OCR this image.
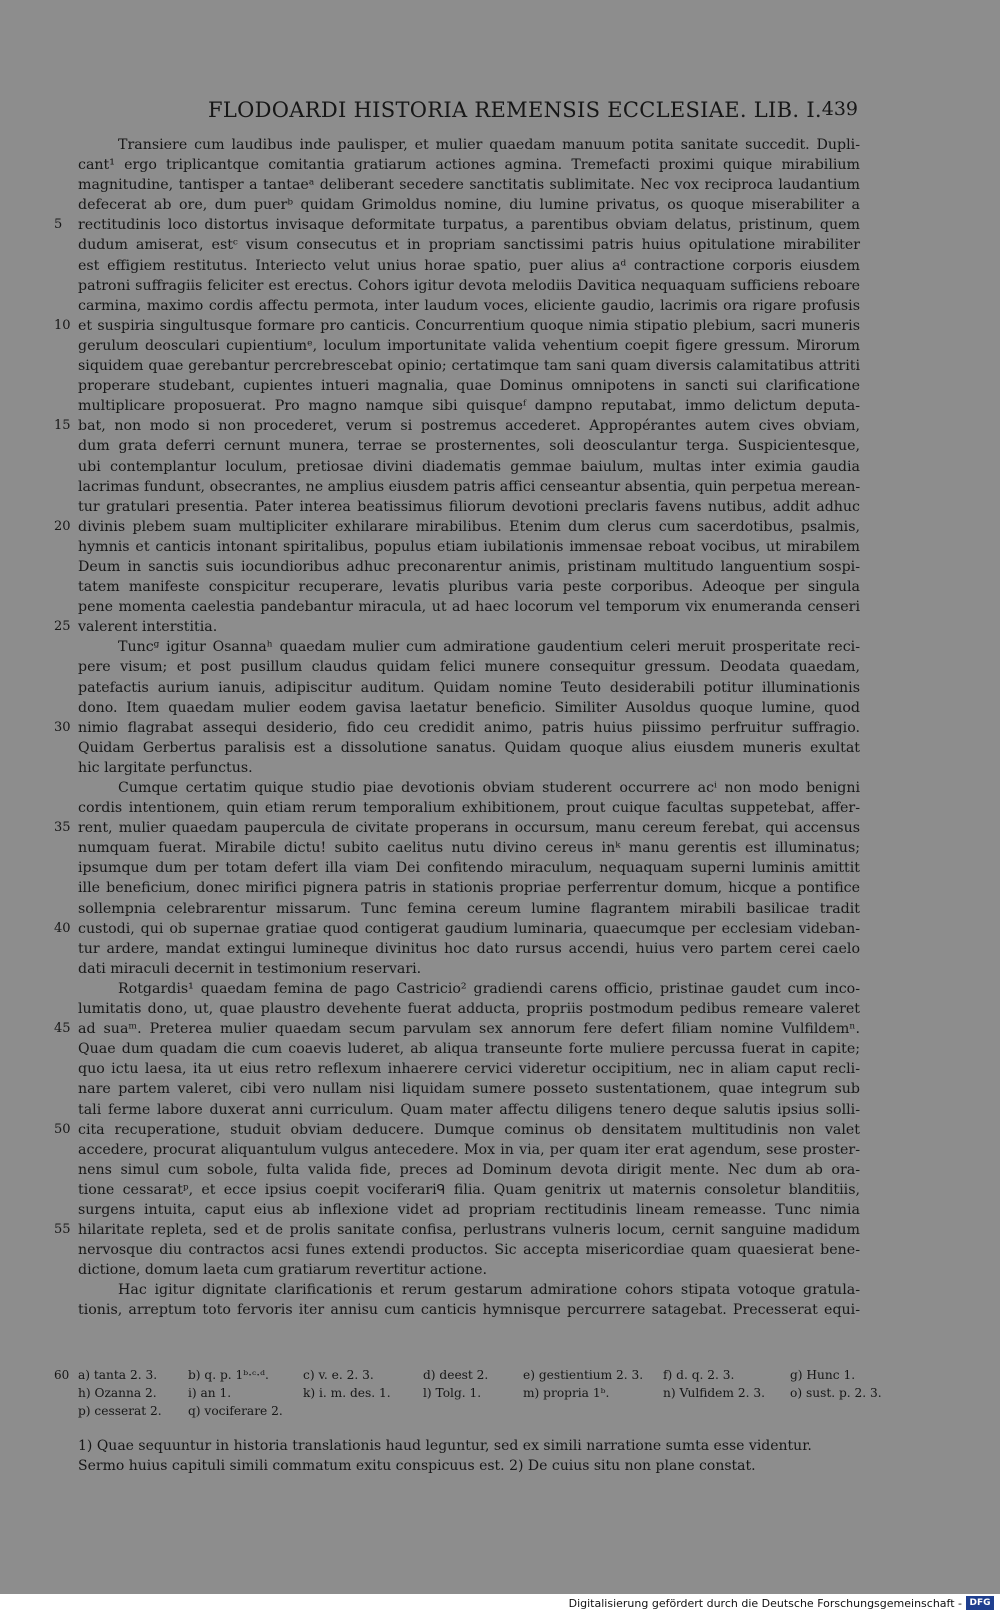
FLODOARDI HISTORIA REMENSIS ECCLESIAE. LIB. I. 439
Transiere cum laudibus inde paulisper, et mulier quaedam manuum potita sanitate succedit. Dupli-
cant¹ ergo triplicantque comitantia gratiarum actiones agmina. Tremefacti proximi quique mirabilium
magnitudine, tantisper a tantaeᵃ deliberant secedere sanctitatis sublimitate. Nec vox reciproca laudantium
defecerat ab ore, dum puerᵇ quidam Grimoldus nomine, diu lumine privatus, os quoque miserabiliter a
5 rectitudinis loco distortus invisaque deformitate turpatus, a parentibus obviam delatus, pristinum, quem
dudum amiserat, estᶜ visum consecutus et in propriam sanctissimi patris huius opitulatione mirabiliter
est effigiem restitutus. Interiecto velut unius horae spatio, puer alius aᵈ contractione corporis eiusdem
patroni suffragiis feliciter est erectus. Cohors igitur devota melodiis Davitica nequaquam sufficiens reboare
carmina, maximo cordis affectu permota, inter laudum voces, eliciente gaudio, lacrimis ora rigare profusis
10 et suspiria singultusque formare pro canticis. Concurrentium quoque nimia stipatio plebium, sacri muneris
gerulum deosculari cupientiumᵉ, loculum importunitate valida vehentium coepit figere gressum. Mirorum
siquidem quae gerebantur percrebrescebat opinio; certatimque tam sani quam diversis calamitatibus attriti
properare studebant, cupientes intueri magnalia, quae Dominus omnipotens in sancti sui clarificatione
multiplicare proposuerat. Pro magno namque sibi quisqueᶠ dampno reputabat, immo delictum deputa-
15 bat, non modo si non procederet, verum si postremus accederet. Appropérantes autem cives obviam,
dum grata deferri cernunt munera, terrae se prosternentes, soli deosculantur terga. Suspicientesque,
ubi contemplantur loculum, pretiosae divini diadematis gemmae baiulum, multas inter eximia gaudia
lacrimas fundunt, obsecrantes, ne amplius eiusdem patris affici censeantur absentia, quin perpetua merean-
tur gratulari presentia. Pater interea beatissimus filiorum devotioni preclaris favens nutibus, addit adhuc
20 divinis plebem suam multipliciter exhilarare mirabilibus. Etenim dum clerus cum sacerdotibus, psalmis,
hymnis et canticis intonant spiritalibus, populus etiam iubilationis immensae reboat vocibus, ut mirabilem
Deum in sanctis suis iocundioribus adhuc preconarentur animis, pristinam multitudo languentium sospi-
tatem manifeste conspicitur recuperare, levatis pluribus varia peste corporibus. Adeoque per singula
pene momenta caelestia pandebantur miracula, ut ad haec locorum vel temporum vix enumeranda censeri
25 valerent interstitia.
Tuncᵍ igitur Osannaʰ quaedam mulier cum admiratione gaudentium celeri meruit prosperitate reci-
pere visum; et post pusillum claudus quidam felici munere consequitur gressum. Deodata quaedam,
patefactis aurium ianuis, adipiscitur auditum. Quidam nomine Teuto desiderabili potitur illuminationis
dono. Item quaedam mulier eodem gavisa laetatur beneficio. Similiter Ausoldus quoque lumine, quod
30 nimio flagrabat assequi desiderio, fido ceu credidit animo, patris huius piissimo perfruitur suffragio.
Quidam Gerbertus paralisis est a dissolutione sanatus. Quidam quoque alius eiusdem muneris exultat
hic largitate perfunctus.
Cumque certatim quique studio piae devotionis obviam studerent occurrere acⁱ non modo benigni
cordis intentionem, quin etiam rerum temporalium exhibitionem, prout cuique facultas suppetebat, affer-
35 rent, mulier quaedam paupercula de civitate properans in occursum, manu cereum ferebat, qui accensus
numquam fuerat. Mirabile dictu! subito caelitus nutu divino cereus inᵏ manu gerentis est illuminatus;
ipsumque dum per totam defert illa viam Dei confitendo miraculum, nequaquam superni luminis amittit
ille beneficium, donec mirifici pignera patris in stationis propriae perferrentur domum, hicque a pontifice
sollempnia celebrarentur missarum. Tunc femina cereum lumine flagrantem mirabili basilicae tradit
40 custodi, qui ob supernae gratiae quod contigerat gaudium luminaria, quaecumque per ecclesiam videban-
tur ardere, mandat extingui lumineque divinitus hoc dato rursus accendi, huius vero partem cerei caelo
dati miraculi decernit in testimonium reservari.
Rotgardis¹ quaedam femina de pago Castricio² gradiendi carens officio, pristinae gaudet cum inco-
lumitatis dono, ut, quae plaustro devehente fuerat adducta, propriis postmodum pedibus remeare valeret
45 ad suaᵐ. Preterea mulier quaedam secum parvulam sex annorum fere defert filiam nomine Vulfildemⁿ.
Quae dum quadam die cum coaevis luderet, ab aliqua transeunte forte muliere percussa fuerat in capite;
quo ictu laesa, ita ut eius retro reflexum inhaerere cervici videretur occipitium, nec in aliam caput recli-
nare partem valeret, cibi vero nullam nisi liquidam sumere posseto sustentationem, quae integrum sub
tali ferme labore duxerat anni curriculum. Quam mater affectu diligens tenero deque salutis ipsius solli-
50 cita recuperatione, studuit obviam deducere. Dumque cominus ob densitatem multitudinis non valet
accedere, procurat aliquantulum vulgus antecedere. Mox in via, per quam iter erat agendum, sese proster-
nens simul cum sobole, fulta valida fide, preces ad Dominum devota dirigit mente. Nec dum ab ora-
tione cessaratᵖ, et ecce ipsius coepit vociferariᑫ filia. Quam genitrix ut maternis consoletur blanditiis,
surgens intuita, caput eius ab inflexione videt ad propriam rectitudinis lineam remeasse. Tunc nimia
55 hilaritate repleta, sed et de prolis sanitate confisa, perlustrans vulneris locum, cernit sanguine madidum
nervosque diu contractos acsi funes extendi productos. Sic accepta misericordiae quam quaesierat bene-
dictione, domum laeta cum gratiarum revertitur actione.
Hac igitur dignitate clarificationis et rerum gestarum admiratione cohors stipata votoque gratula-
tionis, arreptum toto fervoris iter annisu cum canticis hymnisque percurrere satagebat. Precesserat equi-
60 a) tanta 2. 3.	b) q. p. 1ᵇ·ᶜ·ᵈ.	c) v. e. 2. 3.	d) deest 2.	e) gestientium 2. 3. f) d. q. 2. 3.	g) Hunc 1.
h) Ozanna 2.	i) an 1.	k) i. m. des. 1.	l) Tolg. 1.	m) propria 1ᵇ.	n) Vulfidem 2. 3. o) sust. p. 2. 3.
p) cesserat 2. q) vociferare 2.
1) Quae sequuntur in historia translationis haud leguntur, sed ex simili narratione sumta esse videntur.
Sermo huius capituli simili commatum exitu conspicuus est. 2) De cuius situ non plane constat.
Digitalisierung gefördert durch die Deutsche Forschungsgemeinschaft - DFG
